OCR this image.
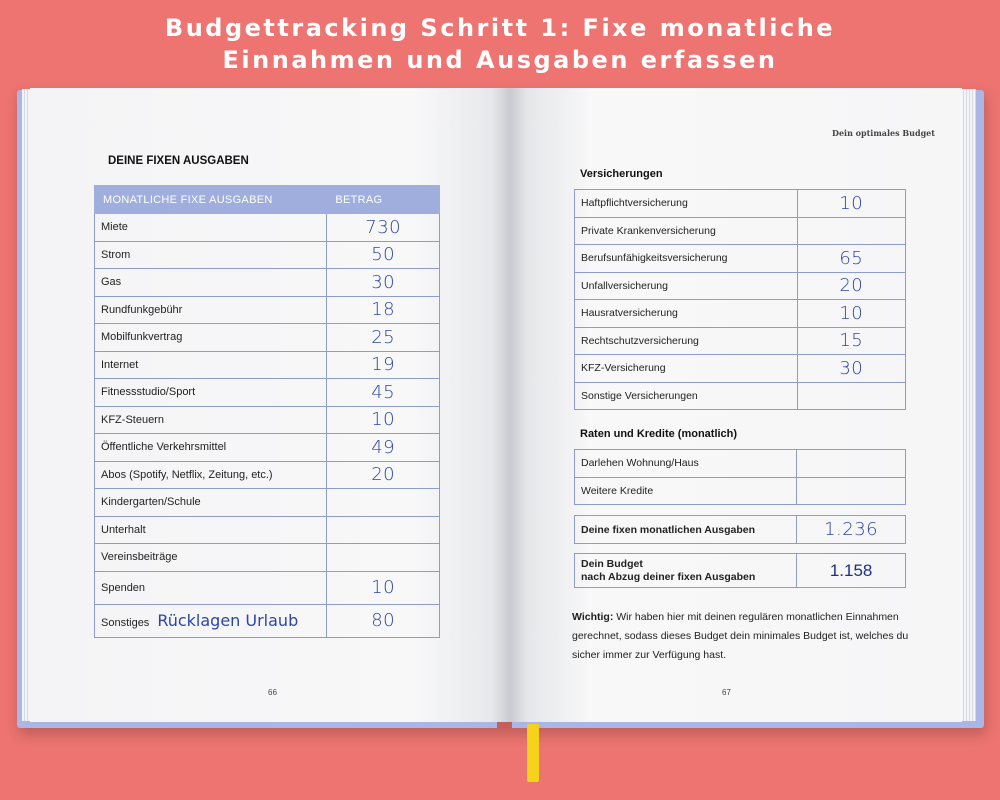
Budgettracking Schritt 1: Fixe monatliche
Einnahmen und Ausgaben erfassen
DEINE FIXEN AUSGABEN
MONATLICHE FIXE AUSGABEN	BETRAG
Miete	730

Strom	50

Gas	30

Rundfunkgebühr	18

Mobilfunkvertrag	25

Internet	19

Fitnessstudio/Sport	45

KFZ-Steuern	10

Öffentliche Verkehrsmittel	49

Abos (Spotify, Netflix, Zeitung, etc.)	20

Kindergarten/Schule	

Unterhalt	

Vereinsbeiträge	

Spenden	10

Sonstiges Rücklagen Urlaub	80
66
Dein optimales Budget
Versicherungen
Haftpflichtversicherung	10

Private Krankenversicherung	

Berufsunfähigkeitsversicherung	65

Unfallversicherung	20

Hausratversicherung	10

Rechtschutzversicherung	15

KFZ-Versicherung	30

Sonstige Versicherungen	
Raten und Kredite (monatlich)
Darlehen Wohnung/Haus	

Weitere Kredite	
Deine fixen monatlichen Ausgaben	1.236
Dein Budget
nach Abzug deiner fixen Ausgaben	1.158
Wichtig: Wir haben hier mit deinen regulären monatlichen Einnahmen gerechnet, sodass dieses Budget dein minimales Budget ist, welches du sicher immer zur Verfügung hast.
67
